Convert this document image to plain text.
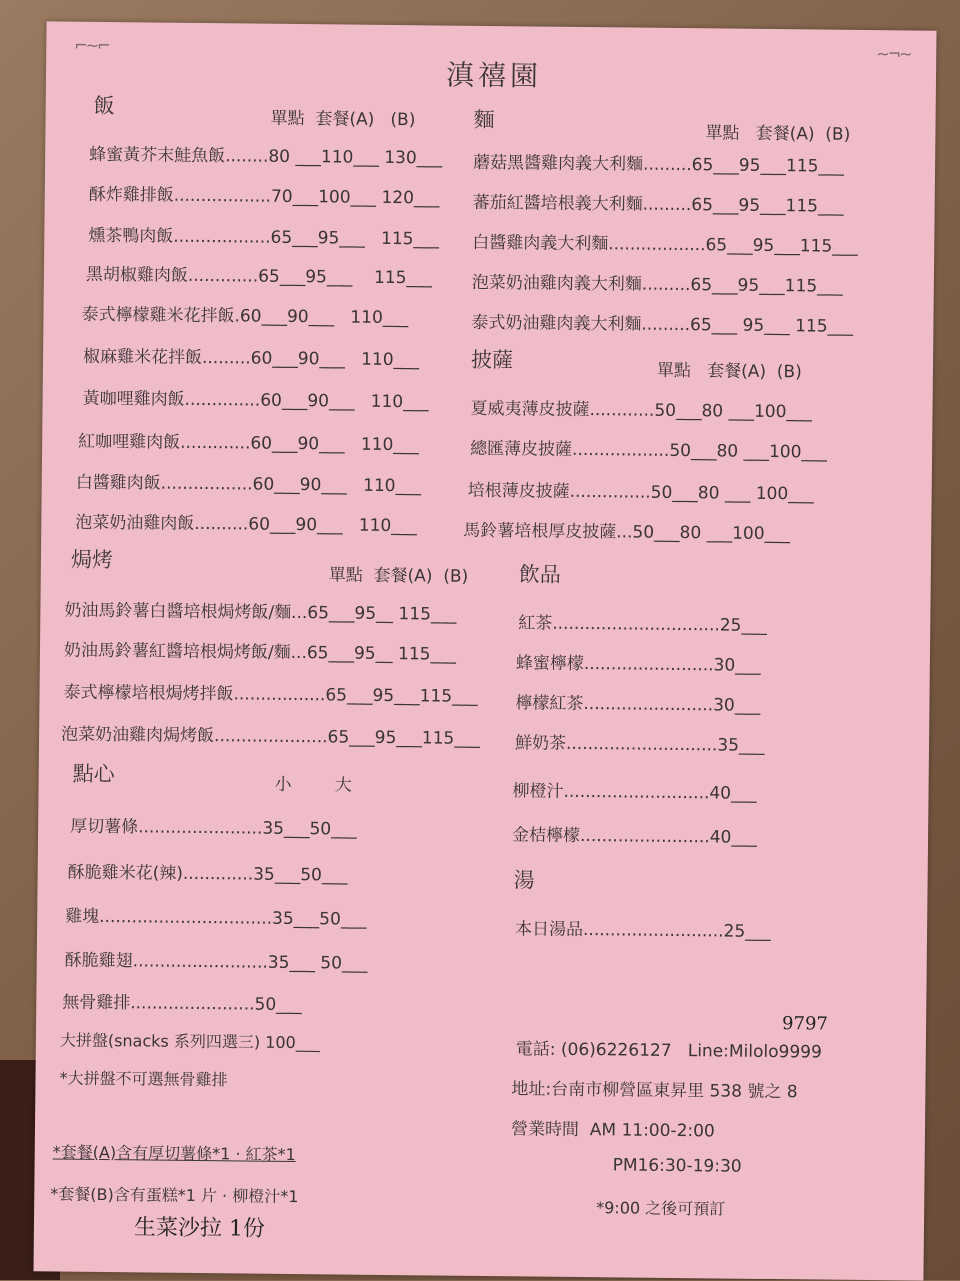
⌐~⌐	~¬~
滇禧園
飯
單點  套餐(A)   (B)
蜂蜜黃芥末鮭魚飯........80 ___110___ 130___
酥炸雞排飯..................70___100___ 120___
燻茶鴨肉飯..................65___95___   115___
黑胡椒雞肉飯.............65___95___    115___
泰式檸檬雞米花拌飯.60___90___   110___
椒麻雞米花拌飯.........60___90___   110___
黃咖哩雞肉飯..............60___90___   110___
紅咖哩雞肉飯.............60___90___   110___
白醬雞肉飯.................60___90___   110___
泡菜奶油雞肉飯..........60___90___   110___
麵
單點   套餐(A)  (B)
蘑菇黑醬雞肉義大利麵.........65___95___115___
蕃茄紅醬培根義大利麵.........65___95___115___
白醬雞肉義大利麵..................65___95___115___
泡菜奶油雞肉義大利麵.........65___95___115___
泰式奶油雞肉義大利麵.........65___ 95___ 115___
披薩	單點   套餐(A)  (B)
夏威夷薄皮披薩............50___80 ___100___
總匯薄皮披薩..................50___80 ___100___
培根薄皮披薩...............50___80 ___ 100___
馬鈴薯培根厚皮披薩...50___80 ___100___
焗烤
單點  套餐(A)  (B)
奶油馬鈴薯白醬培根焗烤飯/麵...65___95__ 115___
奶油馬鈴薯紅醬培根焗烤飯/麵...65___95__ 115___
泰式檸檬培根焗烤拌飯.................65___95___115___
泡菜奶油雞肉焗烤飯.....................65___95___115___
飲品
紅茶...............................25___
蜂蜜檸檬........................30___
檸檬紅茶........................30___
鮮奶茶............................35___
柳橙汁...........................40___
金桔檸檬........................40___
點心	小        大
厚切薯條.......................35___50___
酥脆雞米花(辣).............35___50___
雞塊................................35___50___
酥脆雞翅.........................35___ 50___
無骨雞排.......................50___
大拼盤(snacks 系列四選三) 100___
*大拼盤不可選無骨雞排
湯
本日湯品..........................25___
電話: (06)6226127   Line:Milolo9999
9797
地址:台南市柳營區東昇里 538 號之 8
營業時間  AM 11:00-2:00
PM16:30-19:30
*9:00 之後可預訂
*套餐(A)含有厚切薯條*1 · 紅茶*1
*套餐(B)含有蛋糕*1 片 · 柳橙汁*1
生菜沙拉 1份
